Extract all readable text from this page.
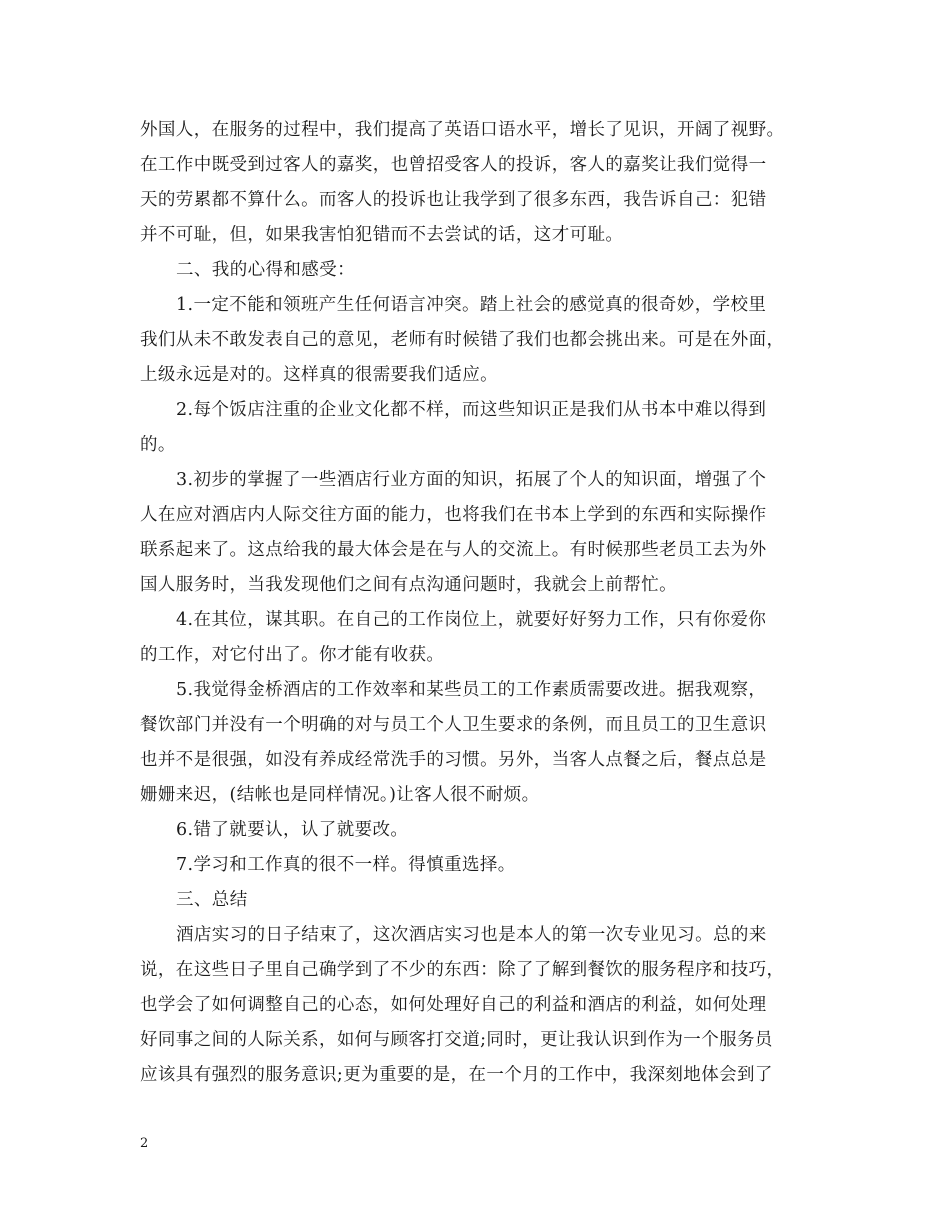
外国人，在服务的过程中，我们提高了英语口语水平，增长了见识，开阔了视野。
在工作中既受到过客人的嘉奖，也曾招受客人的投诉，客人的嘉奖让我们觉得一
天的劳累都不算什么。而客人的投诉也让我学到了很多东西，我告诉自己：犯错
并不可耻，但，如果我害怕犯错而不去尝试的话，这才可耻。
二、我的心得和感受：
1.一定不能和领班产生任何语言冲突。踏上社会的感觉真的很奇妙，学校里
我们从未不敢发表自己的意见，老师有时候错了我们也都会挑出来。可是在外面，
上级永远是对的。这样真的很需要我们适应。
2.每个饭店注重的企业文化都不样，而这些知识正是我们从书本中难以得到
的。
3.初步的掌握了一些酒店行业方面的知识，拓展了个人的知识面，增强了个
人在应对酒店内人际交往方面的能力，也将我们在书本上学到的东西和实际操作
联系起来了。这点给我的最大体会是在与人的交流上。有时候那些老员工去为外
国人服务时，当我发现他们之间有点沟通问题时，我就会上前帮忙。
4.在其位，谋其职。在自己的工作岗位上，就要好好努力工作，只有你爱你
的工作，对它付出了。你才能有收获。
5.我觉得金桥酒店的工作效率和某些员工的工作素质需要改进。据我观察，
餐饮部门并没有一个明确的对与员工个人卫生要求的条例，而且员工的卫生意识
也并不是很强，如没有养成经常洗手的习惯。另外，当客人点餐之后，餐点总是
姗姗来迟，(结帐也是同样情况。)让客人很不耐烦。
6.错了就要认，认了就要改。
7.学习和工作真的很不一样。得慎重选择。
三、总结
酒店实习的日子结束了，这次酒店实习也是本人的第一次专业见习。总的来
说，在这些日子里自己确学到了不少的东西：除了了解到餐饮的服务程序和技巧，
也学会了如何调整自己的心态，如何处理好自己的利益和酒店的利益，如何处理
好同事之间的人际关系，如何与顾客打交道;同时，更让我认识到作为一个服务员
应该具有强烈的服务意识;更为重要的是，在一个月的工作中，我深刻地体会到了
2
